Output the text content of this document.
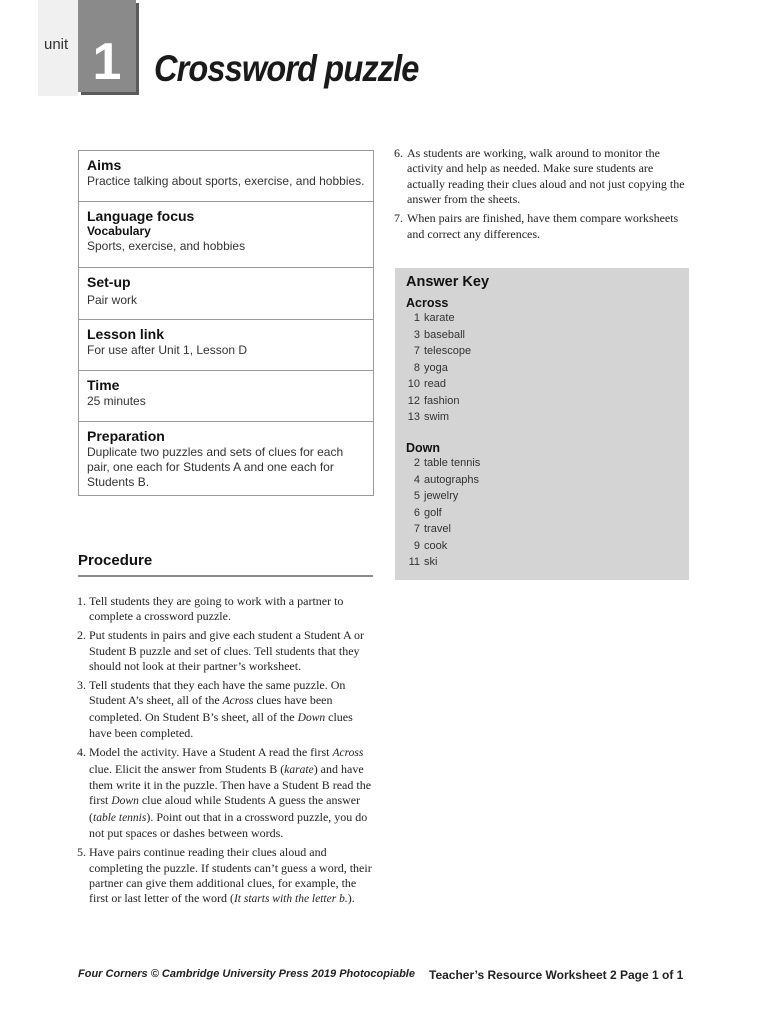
unit 1 Crossword puzzle
Aims
Practice talking about sports, exercise, and hobbies.
Language focus
Vocabulary
Sports, exercise, and hobbies
Set-up
Pair work
Lesson link
For use after Unit 1, Lesson D
Time
25 minutes
Preparation
Duplicate two puzzles and sets of clues for each pair, one each for Students A and one each for Students B.
Procedure
1. Tell students they are going to work with a partner to complete a crossword puzzle.
2. Put students in pairs and give each student a Student A or Student B puzzle and set of clues. Tell students that they should not look at their partner’s worksheet.
3. Tell students that they each have the same puzzle. On Student A’s sheet, all of the Across clues have been completed. On Student B’s sheet, all of the Down clues have been completed.
4. Model the activity. Have a Student A read the first Across clue. Elicit the answer from Students B (karate) and have them write it in the puzzle. Then have a Student B read the first Down clue aloud while Students A guess the answer (table tennis). Point out that in a crossword puzzle, you do not put spaces or dashes between words.
5. Have pairs continue reading their clues aloud and completing the puzzle. If students can’t guess a word, their partner can give them additional clues, for example, the first or last letter of the word (It starts with the letter b.).
6. As students are working, walk around to monitor the activity and help as needed. Make sure students are actually reading their clues aloud and not just copying the answer from the sheets.
7. When pairs are finished, have them compare worksheets and correct any differences.
Answer Key
Across
1 karate
3 baseball
7 telescope
8 yoga
10 read
12 fashion
13 swim
Down
2 table tennis
4 autographs
5 jewelry
6 golf
7 travel
9 cook
11 ski
Four Corners © Cambridge University Press 2019 Photocopiable Teacher’s Resource Worksheet 2 Page 1 of 1
